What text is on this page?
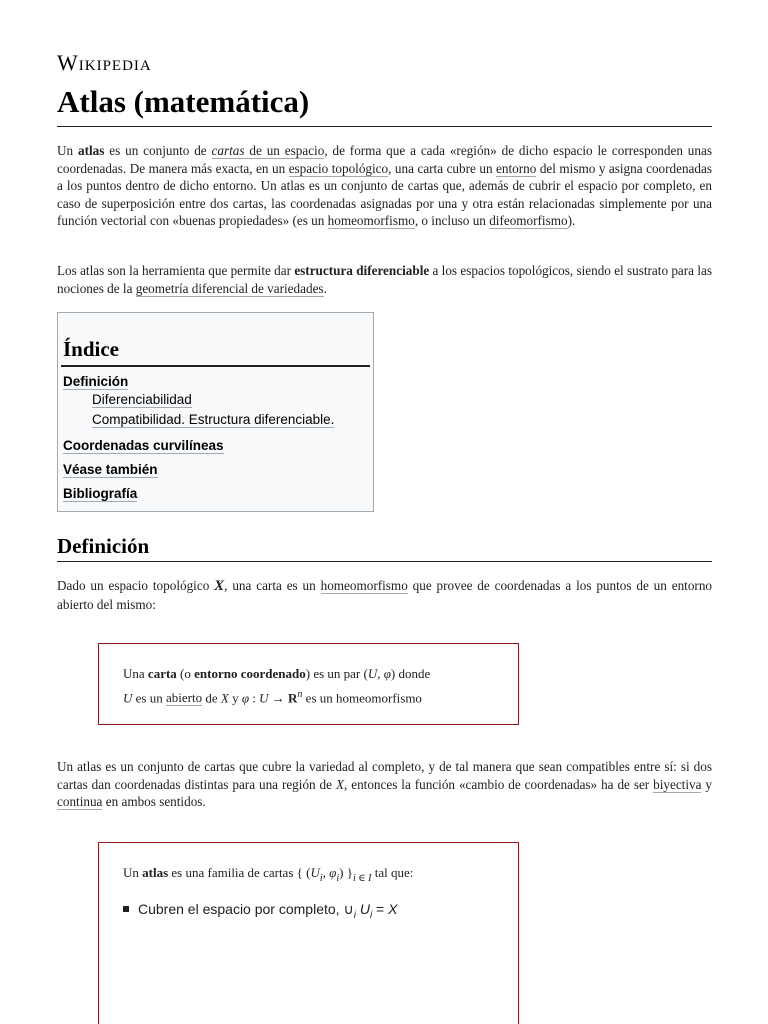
Wikipedia
Atlas (matemática)

Un atlas es un conjunto de cartas de un espacio, de forma que a cada «región» de dicho espacio le corresponden unas coordenadas. De manera más exacta, en un espacio topológico, una carta cubre un entorno del mismo y asigna coordenadas a los puntos dentro de dicho entorno. Un atlas es un conjunto de cartas que, además de cubrir el espacio por completo, en caso de superposición entre dos cartas, las coordenadas asignadas por una y otra están relacionadas simplemente por una función vectorial con «buenas propiedades» (es un homeomorfismo, o incluso un difeomorfismo).

Los atlas son la herramienta que permite dar estructura diferenciable a los espacios topológicos, siendo el sustrato para las nociones de la geometría diferencial de variedades.

Índice
Definición
Diferenciabilidad
Compatibilidad. Estructura diferenciable.
Coordenadas curvilíneas
Véase también
Bibliografía
Definición

Dado un espacio topológico X, una carta es un homeomorfismo que provee de coordenadas a los puntos de un entorno abierto del mismo:

Una carta (o entorno coordenado) es un par (U, φ) donde
U es un abierto de X y φ : $U \to R^n$ es un homeomorfismo

Un atlas es un conjunto de cartas que cubre la variedad al completo, y de tal manera que sean compatibles entre sí: si dos cartas dan coordenadas distintas para una región de X, entonces la función «cambio de coordenadas» ha de ser biyectiva y continua en ambos sentidos.

Un atlas es una familia de cartas { ($U_i$, $\varphi_i$) }$_{i \in I}$ tal que:
Cubren el espacio por completo, $\cup_i$ $U_i = X$
